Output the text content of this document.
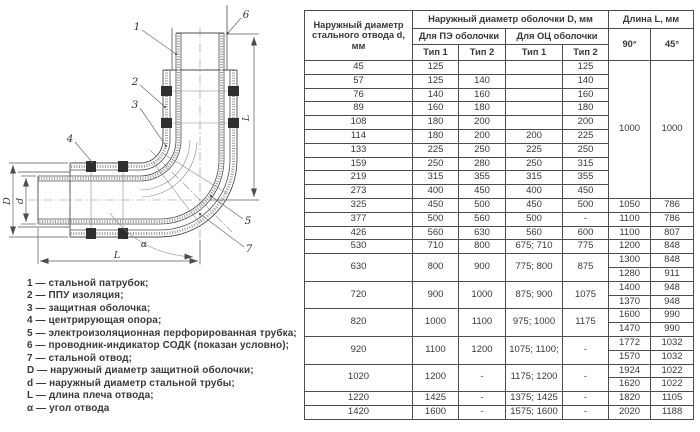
1
6
2
3
4
5
7
L
D d
L
α
1 — стальной патрубок;
2 — ППУ изоляция;
3 — защитная оболочка;
4 — центрирующая опора;
5 — электроизоляционная перфорированная трубка;
6 — проводник-индикатор СОДК (показан условно);
7 — стальной отвод;
D — наружный диаметр защитной оболочки;
d — наружный диаметр стальной трубы;
L — длина плеча отвода;
α — угол отвода
Наружный диаметр стального отвода d, мм	Наружный диаметр оболочки D, мм				Длина L, мм	
	Для ПЭ оболочки		Для ОЦ оболочки		90°	45°
	Тип 1	Тип 2	Тип 1	Тип 2		
45	125			125	1000	1000
57	125	140		140		
76	140	160		160		
89	160	180		180		
108	180	200		200		
114	180	200	200	225		
133	225	250	225	250		
159	250	280	250	315		
219	315	355	315	355		
273	400	450	400	450		
325	450	500	450	500	1050	786
377	500	560	500	-	1100	786
426	560	630	560	600	1100	807
530	710	800	675; 710	775	1200	848
630	800	900	775; 800	875	1300	848
					1280	911
720	900	1000	875; 900	1075	1400	948
					1370	948
820	1000	1100	975; 1000	1175	1600	990
					1470	990
920	1100	1200	1075; 1100;	-	1772	1032
					1570	1032
1020	1200	-	1175; 1200	-	1924	1022
					1620	1022
1220	1425	-	1375; 1425	-	1820	1105
1420	1600	-	1575; 1600	-	2020	1188
